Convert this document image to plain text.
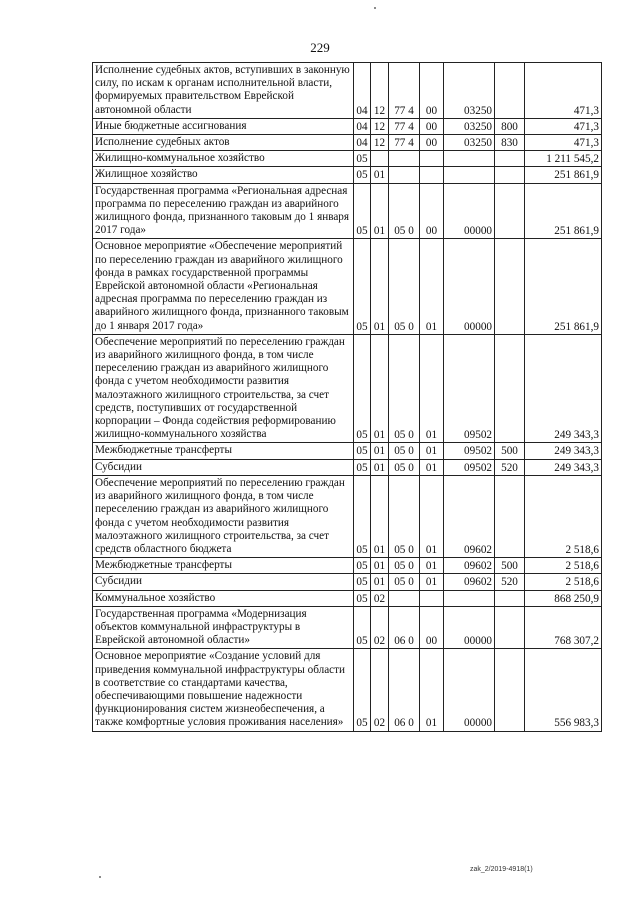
229
Исполнение судебных актов, вступивших в законную силу, по искам к органам исполнительной власти, формируемых правительством Еврейской автономной области	04	12	77 4	00	03250		471,3
Иные бюджетные ассигнования	04	12	77 4	00	03250	800	471,3
Исполнение судебных актов	04	12	77 4	00	03250	830	471,3
Жилищно-коммунальное хозяйство	05						1 211 545,2
Жилищное хозяйство	05	01					251 861,9
Государственная программа «Региональная адресная программа по переселению граждан из аварийного жилищного фонда, признанного таковым до 1 января 2017 года»	05	01	05 0	00	00000		251 861,9
Основное мероприятие «Обеспечение мероприятий по переселению граждан из аварийного жилищного фонда в рамках государственной программы Еврейской автономной области «Региональная адресная программа по переселению граждан из аварийного жилищного фонда, признанного таковым до 1 января 2017 года»	05	01	05 0	01	00000		251 861,9
Обеспечение мероприятий по переселению граждан из аварийного жилищного фонда, в том числе переселению граждан из аварийного жилищного фонда с учетом необходимости развития малоэтажного жилищного строительства, за счет средств, поступивших от государственной корпорации – Фонда содействия реформированию жилищно-коммунального хозяйства	05	01	05 0	01	09502		249 343,3
Межбюджетные трансферты	05	01	05 0	01	09502	500	249 343,3
Субсидии	05	01	05 0	01	09502	520	249 343,3
Обеспечение мероприятий по переселению граждан из аварийного жилищного фонда, в том числе переселению граждан из аварийного жилищного фонда с учетом необходимости развития малоэтажного жилищного строительства, за счет средств областного бюджета	05	01	05 0	01	09602		2 518,6
Межбюджетные трансферты	05	01	05 0	01	09602	500	2 518,6
Субсидии	05	01	05 0	01	09602	520	2 518,6
Коммунальное хозяйство	05	02					868 250,9
Государственная программа «Модернизация объектов коммунальной инфраструктуры в Еврейской автономной области»	05	02	06 0	00	00000		768 307,2
Основное мероприятие «Создание условий для приведения коммунальной инфраструктуры области в соответствие со стандартами качества, обеспечивающими повышение надежности функционирования систем жизнеобеспечения, а также комфортные условия проживания населения»	05	02	06 0	01	00000		556 983,3
zak_2/2019-4918(1)
